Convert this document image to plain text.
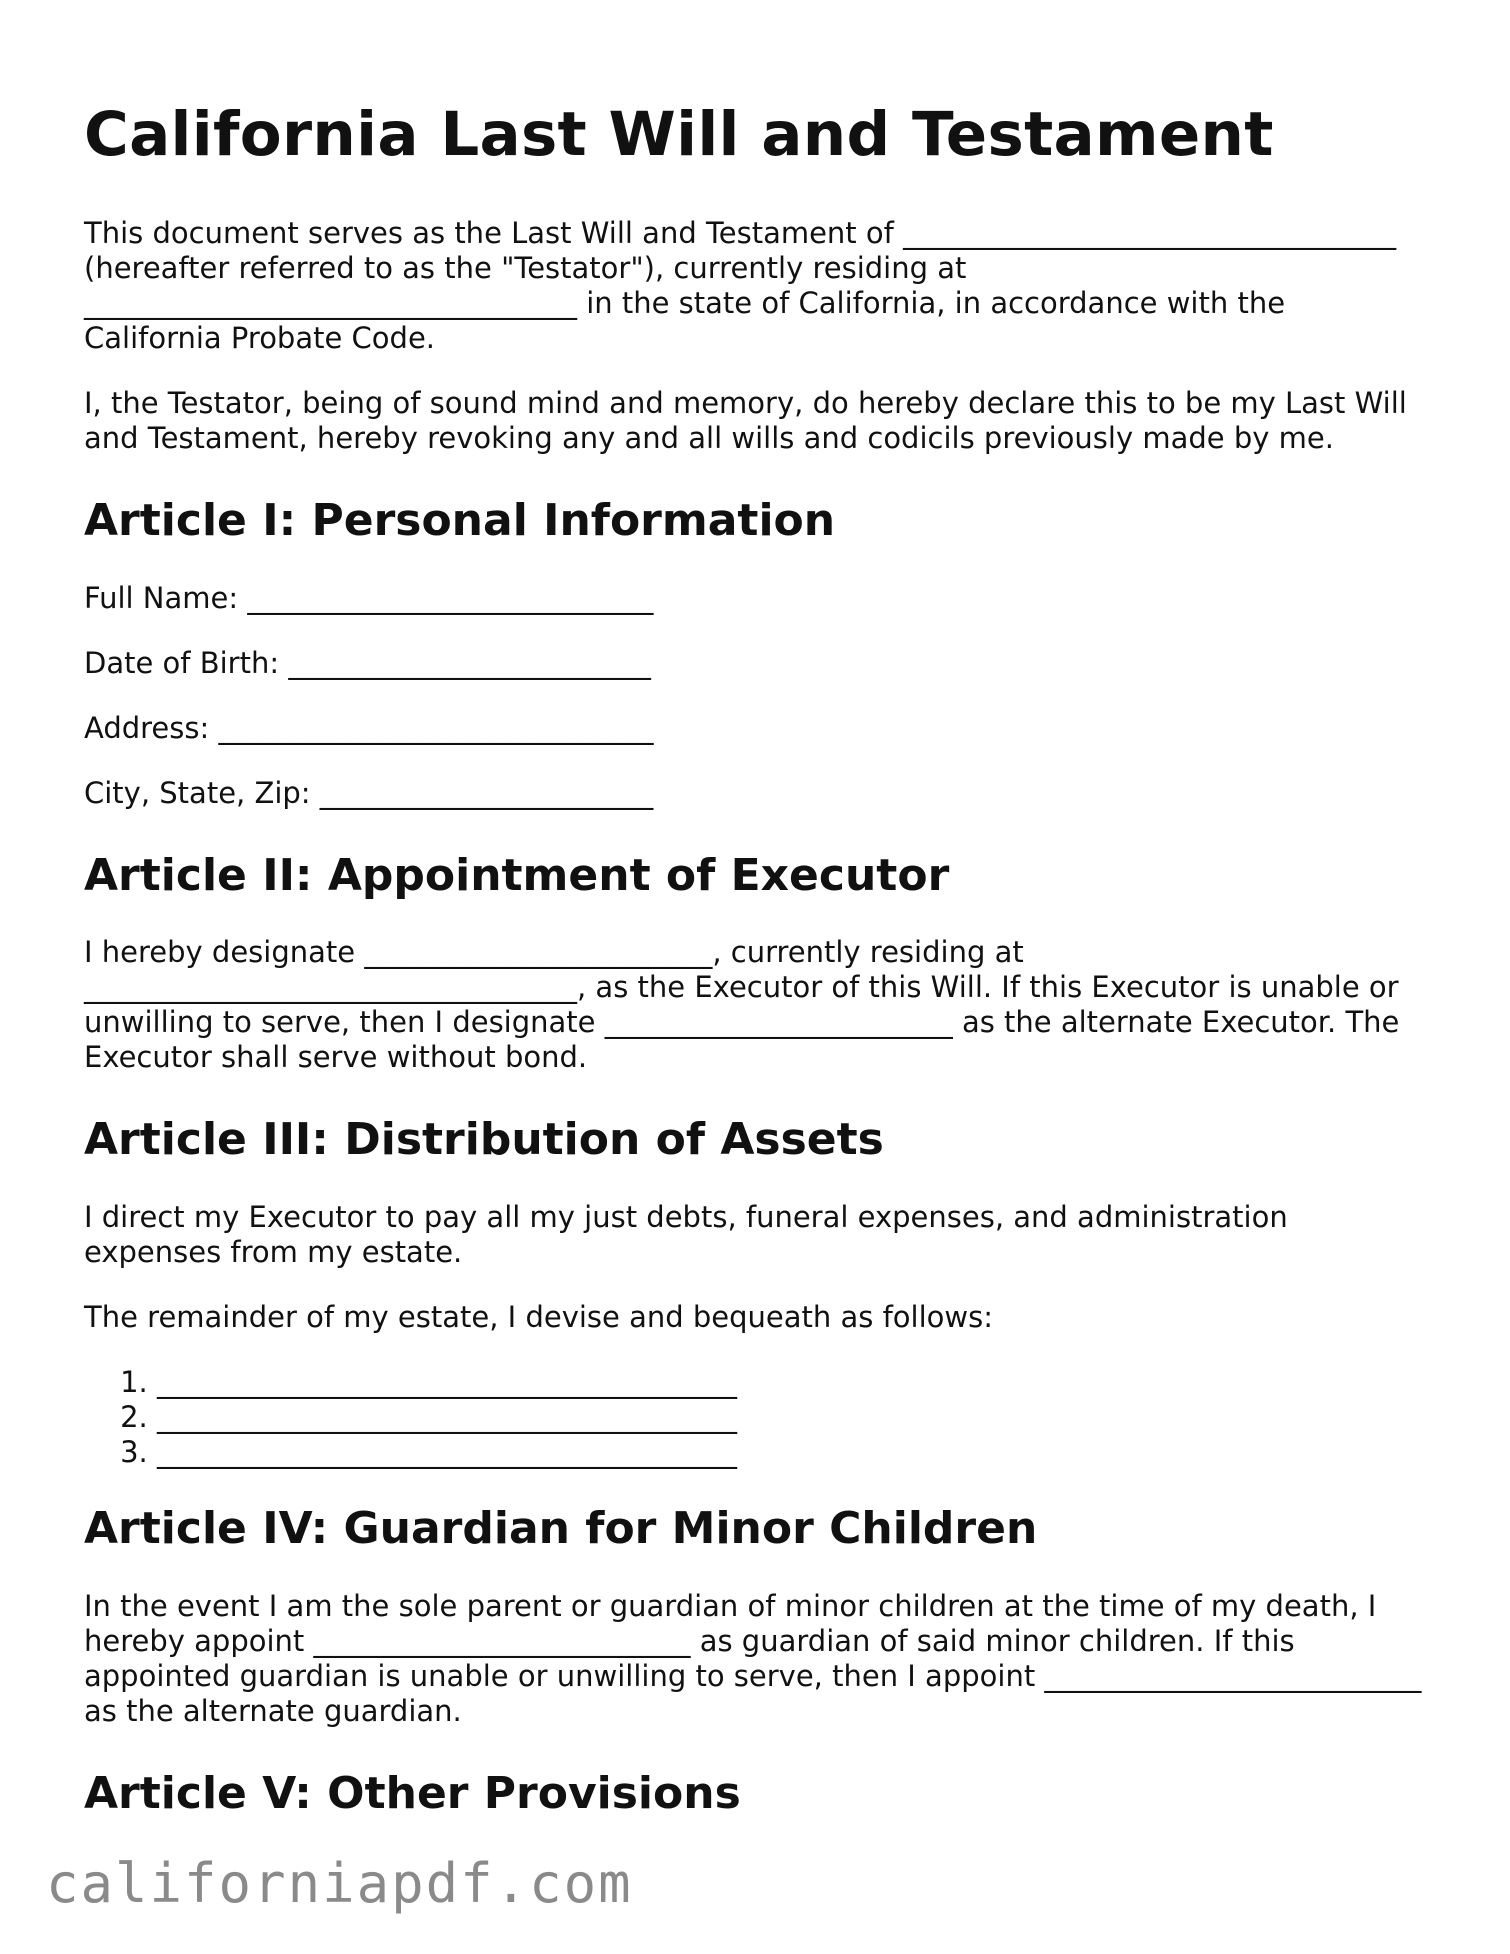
California Last Will and Testament

This document serves as the Last Will and Testament of __________________________________ (hereafter referred to as the "Testator"), currently residing at __________________________________ in the state of California, in accordance with the California Probate Code.

I, the Testator, being of sound mind and memory, do hereby declare this to be my Last Will and Testament, hereby revoking any and all wills and codicils previously made by me.

Article I: Personal Information
Full Name: ____________________________
Date of Birth: _________________________
Address: ______________________________
City, State, Zip: _______________________
Article II: Appointment of Executor

I hereby designate ________________________, currently residing at __________________________________, as the Executor of this Will. If this Executor is unable or unwilling to serve, then I designate ________________________ as the alternate Executor. The Executor shall serve without bond.

Article III: Distribution of Assets

I direct my Executor to pay all my just debts, funeral expenses, and administration expenses from my estate.

The remainder of my estate, I devise and bequeath as follows:

1. ________________________________________
2. ________________________________________
3. ________________________________________
Article IV: Guardian for Minor Children

In the event I am the sole parent or guardian of minor children at the time of my death, I hereby appoint __________________________ as guardian of said minor children. If this appointed guardian is unable or unwilling to serve, then I appoint __________________________ as the alternate guardian.

Article V: Other Provisions
californiapdf.com
